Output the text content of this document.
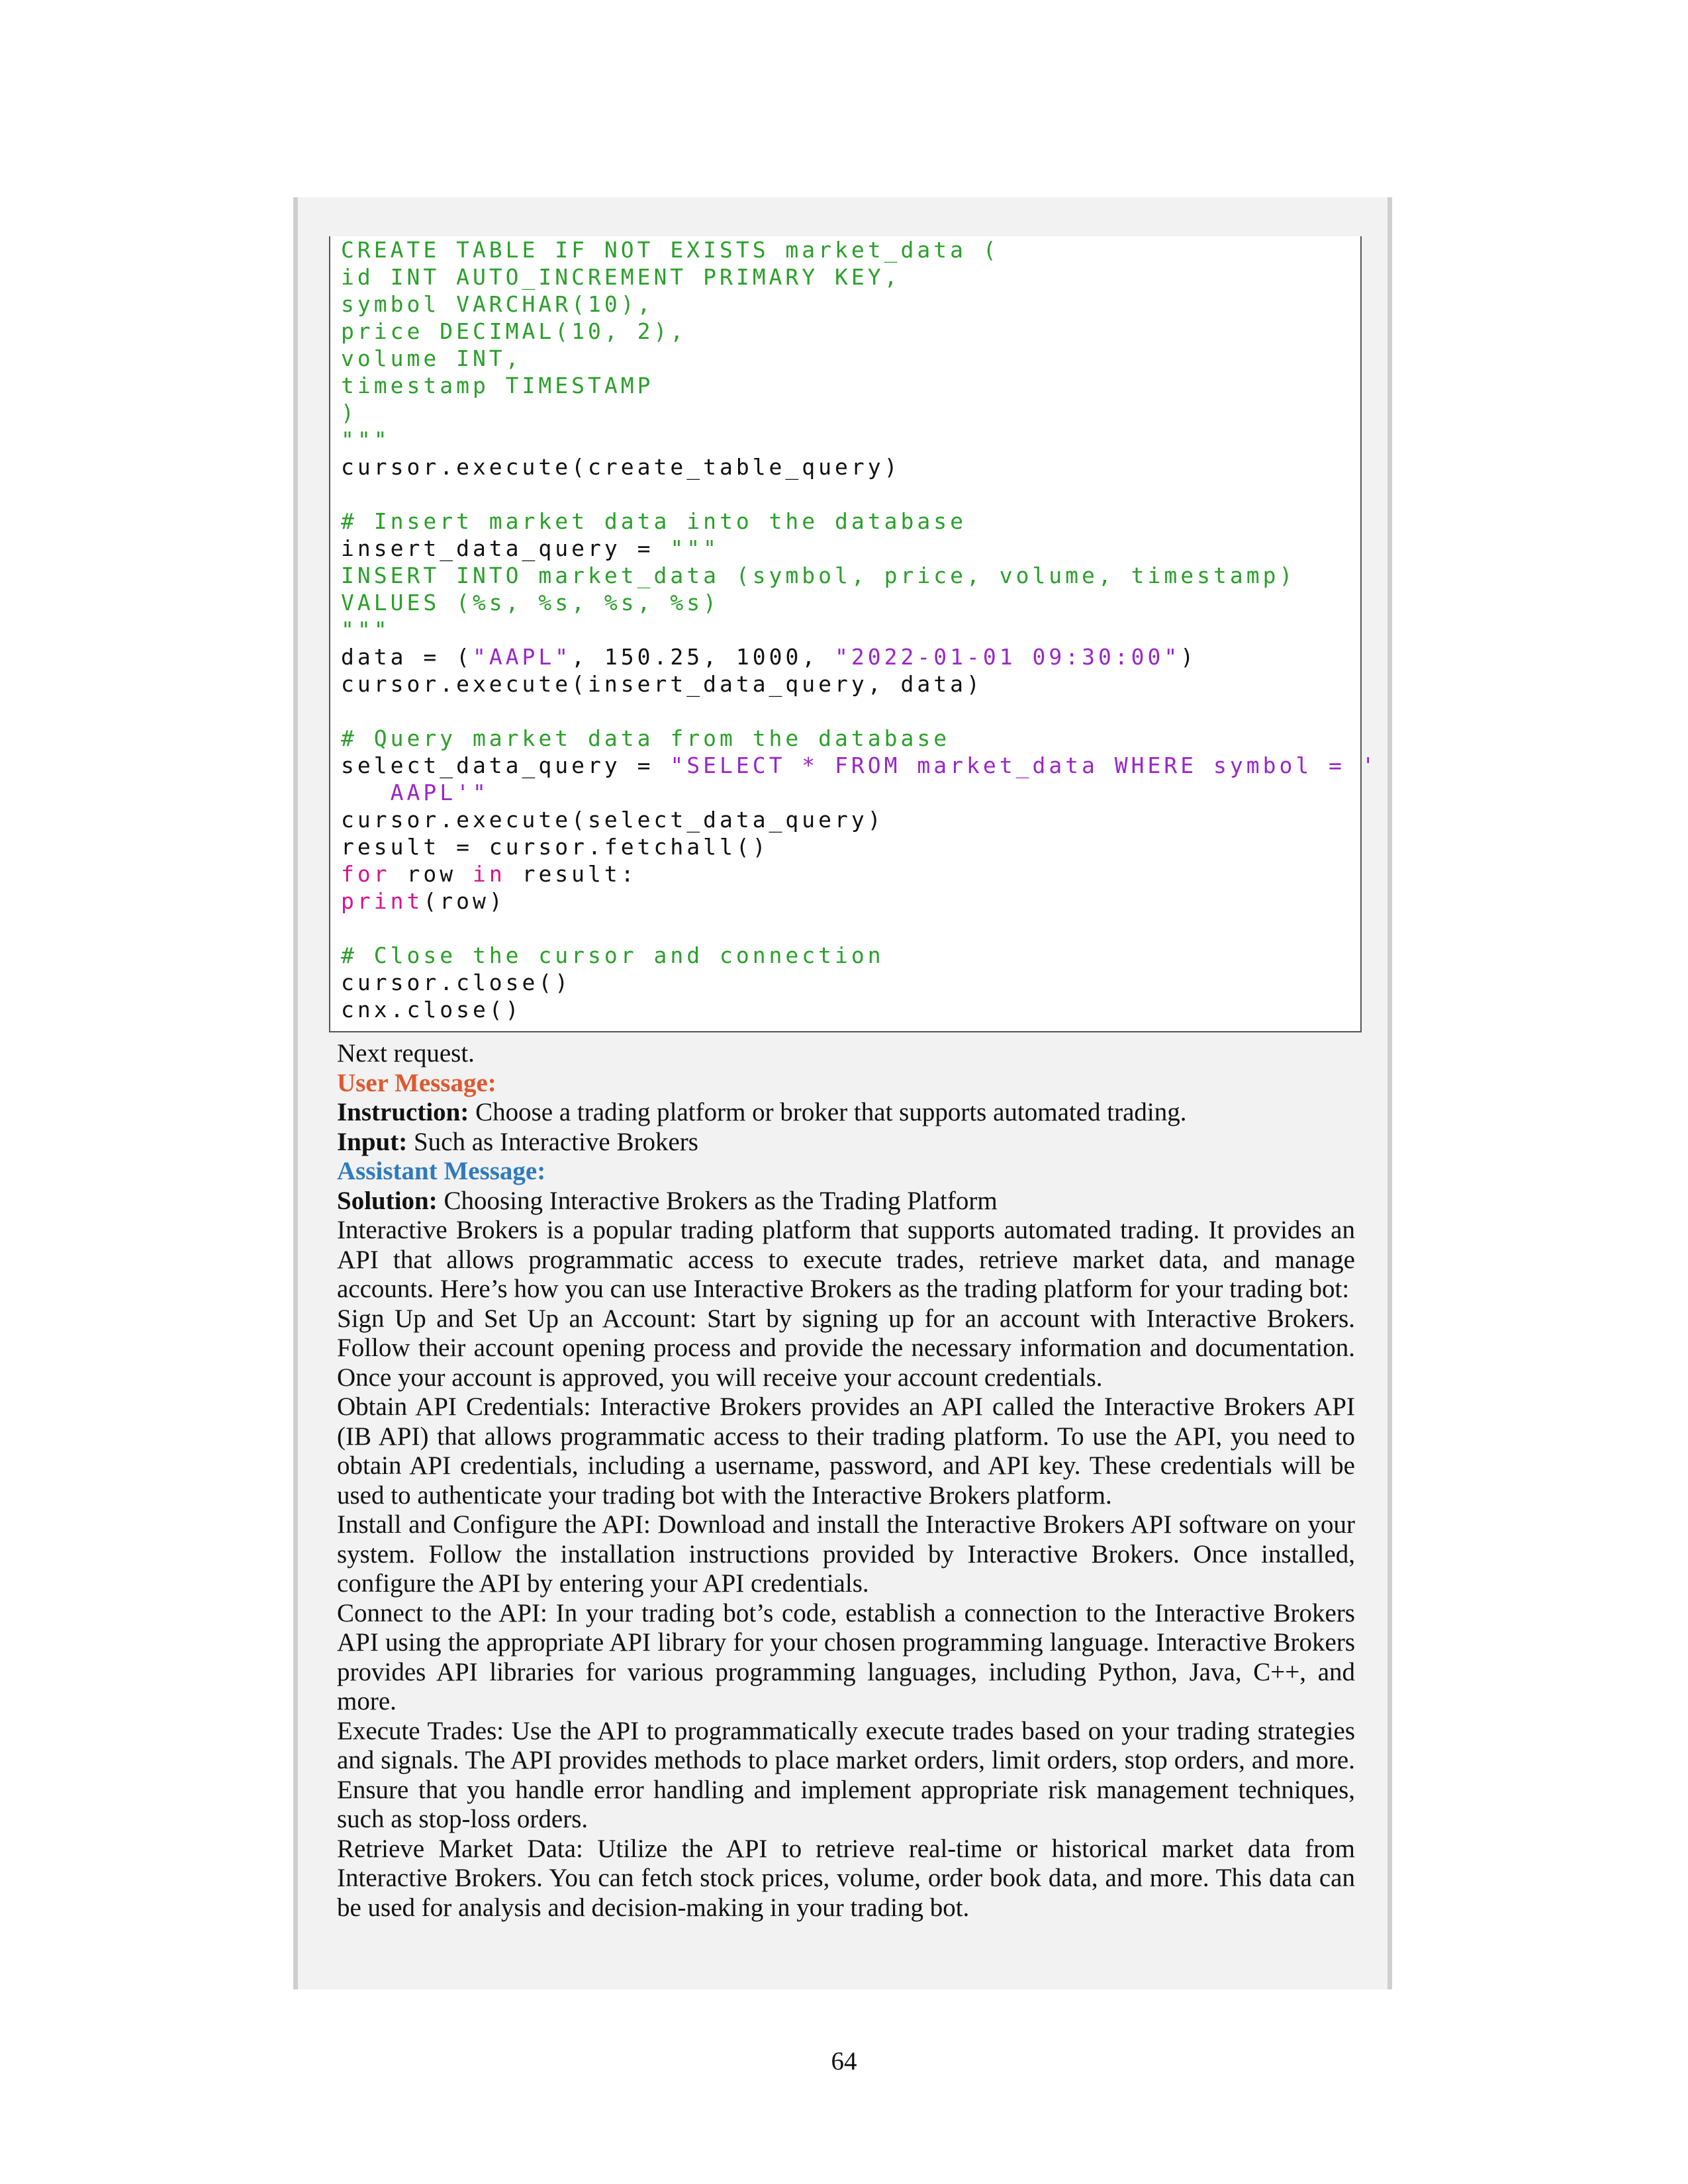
CREATE TABLE IF NOT EXISTS market_data (
id INT AUTO_INCREMENT PRIMARY KEY,
symbol VARCHAR(10),
price DECIMAL(10, 2),
volume INT,
timestamp TIMESTAMP
)
"""
cursor.execute(create_table_query)

# Insert market data into the database
insert_data_query = """
INSERT INTO market_data (symbol, price, volume, timestamp)
VALUES (%s, %s, %s, %s)
"""
data = ("AAPL", 150.25, 1000, "2022-01-01 09:30:00")
cursor.execute(insert_data_query, data)

# Query market data from the database
select_data_query = "SELECT * FROM market_data WHERE symbol = '
AAPL'"
cursor.execute(select_data_query)
result = cursor.fetchall()
for row in result:
print(row)

# Close the cursor and connection
cursor.close()
cnx.close()

Next request.

User Message:

Instruction: Choose a trading platform or broker that supports automated trading.

Input: Such as Interactive Brokers

Assistant Message:

Solution: Choosing Interactive Brokers as the Trading Platform

Interactive Brokers is a popular trading platform that supports automated trading. It provides an API that allows programmatic access to execute trades, retrieve market data, and manage accounts. Here’s how you can use Interactive Brokers as the trading platform for your trading bot:

Sign Up and Set Up an Account: Start by signing up for an account with Interactive Brokers. Follow their account opening process and provide the necessary information and documentation. Once your account is approved, you will receive your account credentials.

Obtain API Credentials: Interactive Brokers provides an API called the Interactive Brokers API (IB API) that allows programmatic access to their trading platform. To use the API, you need to obtain API credentials, including a username, password, and API key. These credentials will be used to authenticate your trading bot with the Interactive Brokers platform.

Install and Configure the API: Download and install the Interactive Brokers API software on your system. Follow the installation instructions provided by Interactive Brokers. Once installed, configure the API by entering your API credentials.

Connect to the API: In your trading bot’s code, establish a connection to the Interactive Brokers API using the appropriate API library for your chosen programming language. Interactive Brokers provides API libraries for various programming languages, including Python, Java, C++, and more.

Execute Trades: Use the API to programmatically execute trades based on your trading strategies and signals. The API provides methods to place market orders, limit orders, stop orders, and more. Ensure that you handle error handling and implement appropriate risk management techniques, such as stop-loss orders.

Retrieve Market Data: Utilize the API to retrieve real-time or historical market data from Interactive Brokers. You can fetch stock prices, volume, order book data, and more. This data can be used for analysis and decision-making in your trading bot.

64
